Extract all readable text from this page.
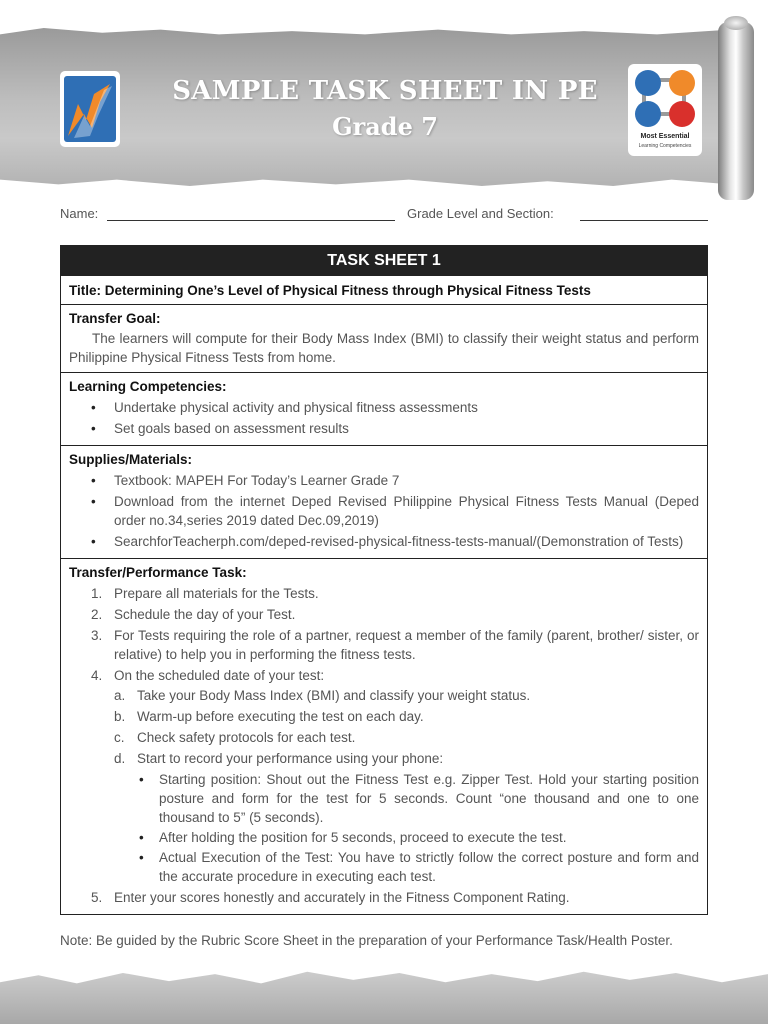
SAMPLE TASK SHEET IN PE
Grade 7	Most Essential
Learning Competencies
Name:	Grade Level and Section:
TASK SHEET 1
Title: Determining One’s Level of Physical Fitness through Physical Fitness Tests
Transfer Goal:
The learners will compute for their Body Mass Index (BMI) to classify their weight status and perform Philippine Physical Fitness Tests from home.
Learning Competencies:
• Undertake physical activity and physical fitness assessments
• Set goals based on assessment results
Supplies/Materials:
• Textbook: MAPEH For Today’s Learner Grade 7
• Download from the internet Deped Revised Philippine Physical Fitness Tests Manual (Deped order no.34,series 2019 dated Dec.09,2019)
• SearchforTeacherph.com/deped-revised-physical-fitness-tests-manual/(Demonstration of Tests)
Transfer/Performance Task:
1. Prepare all materials for the Tests.
2. Schedule the day of your Test.
3. For Tests requiring the role of a partner, request a member of the family (parent, brother/ sister, or relative) to help you in performing the fitness tests.
4. On the scheduled date of your test:
a. Take your Body Mass Index (BMI) and classify your weight status.
b. Warm-up before executing the test on each day.
c. Check safety protocols for each test.
d. Start to record your performance using your phone:
• Starting position: Shout out the Fitness Test e.g. Zipper Test. Hold your starting position posture and form for the test for 5 seconds. Count “one thousand and one to one thousand to 5” (5 seconds).
• After holding the position for 5 seconds, proceed to execute the test.
• Actual Execution of the Test: You have to strictly follow the correct posture and form and the accurate procedure in executing each test.
5. Enter your scores honestly and accurately in the Fitness Component Rating.
Note: Be guided by the Rubric Score Sheet in the preparation of your Performance Task/Health Poster.
